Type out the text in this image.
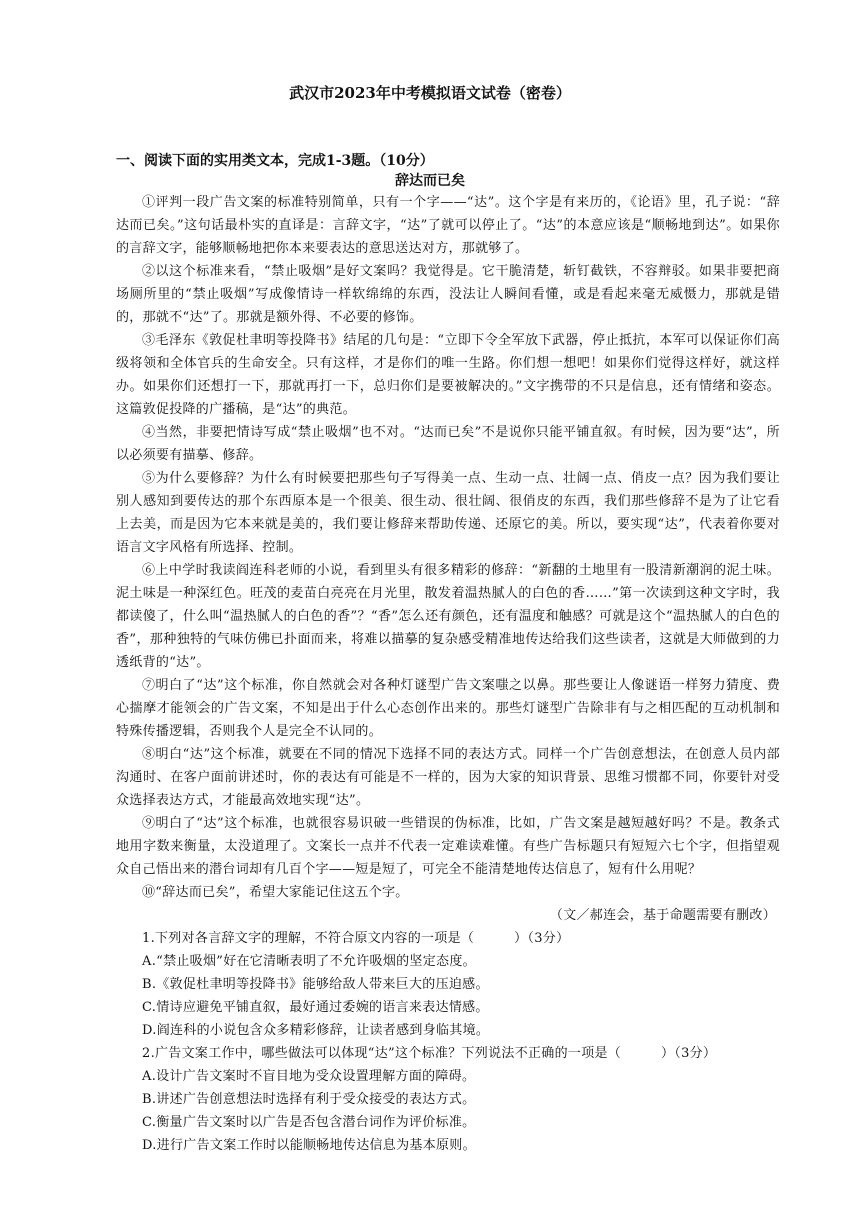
武汉市2023年中考模拟语文试卷（密卷）
一、阅读下面的实用类文本，完成1-3题。（10分）
辞达而已矣

①评判一段广告文案的标准特别简单，只有一个字——“达”。这个字是有来历的，《论语》里，孔子说：“辞达而已矣。”这句话最朴实的直译是：言辞文字，“达”了就可以停止了。“达”的本意应该是“顺畅地到达”。如果你的言辞文字，能够顺畅地把你本来要表达的意思送达对方，那就够了。

②以这个标准来看，“禁止吸烟”是好文案吗？我觉得是。它干脆清楚，斩钉截铁，不容辩驳。如果非要把商场厕所里的“禁止吸烟”写成像情诗一样软绵绵的东西，没法让人瞬间看懂，或是看起来毫无威慑力，那就是错的，那就不“达”了。那就是额外得、不必要的修饰。

③毛泽东《敦促杜聿明等投降书》结尾的几句是：“立即下令全军放下武器，停止抵抗，本军可以保证你们高级将领和全体官兵的生命安全。只有这样，才是你们的唯一生路。你们想一想吧！如果你们觉得这样好，就这样办。如果你们还想打一下，那就再打一下，总归你们是要被解决的。”文字携带的不只是信息，还有情绪和姿态。这篇敦促投降的广播稿，是“达”的典范。

④当然，非要把情诗写成“禁止吸烟”也不对。“达而已矣”不是说你只能平铺直叙。有时候，因为要“达”，所以必须要有描摹、修辞。

⑤为什么要修辞？为什么有时候要把那些句子写得美一点、生动一点、壮阔一点、俏皮一点？因为我们要让别人感知到要传达的那个东西原本是一个很美、很生动、很壮阔、很俏皮的东西，我们那些修辞不是为了让它看上去美，而是因为它本来就是美的，我们要让修辞来帮助传递、还原它的美。所以，要实现“达”，代表着你要对语言文字风格有所选择、控制。

⑥上中学时我读阎连科老师的小说，看到里头有很多精彩的修辞：“新翻的土地里有一股清新潮润的泥土味。泥土味是一种深红色。旺茂的麦苗白亮亮在月光里，散发着温热腻人的白色的香……”第一次读到这种文字时，我都读傻了，什么叫“温热腻人的白色的香”？“香”怎么还有颜色，还有温度和触感？可就是这个“温热腻人的白色的香”，那种独特的气味仿佛已扑面而来，将难以描摹的复杂感受精准地传达给我们这些读者，这就是大师做到的力透纸背的“达”。

⑦明白了“达”这个标准，你自然就会对各种灯谜型广告文案嗤之以鼻。那些要让人像谜语一样努力猜度、费心揣摩才能领会的广告文案，不知是出于什么心态创作出来的。那些灯谜型广告除非有与之相匹配的互动机制和特殊传播逻辑，否则我个人是完全不认同的。

⑧明白“达”这个标准，就要在不同的情况下选择不同的表达方式。同样一个广告创意想法，在创意人员内部沟通时、在客户面前讲述时，你的表达有可能是不一样的，因为大家的知识背景、思维习惯都不同，你要针对受众选择表达方式，才能最高效地实现“达”。

⑨明白了“达”这个标准，也就很容易识破一些错误的伪标准，比如，广告文案是越短越好吗？不是。教条式地用字数来衡量，太没道理了。文案长一点并不代表一定难读难懂。有些广告标题只有短短六七个字，但指望观众自己悟出来的潜台词却有几百个字——短是短了，可完全不能清楚地传达信息了，短有什么用呢？

⑩“辞达而已矣”，希望大家能记住这五个字。

（文／郝连会，基于命题需要有删改）

1.下列对各言辞文字的理解，不符合原文内容的一项是（　　　）（3分）

A.“禁止吸烟”好在它清晰表明了不允许吸烟的坚定态度。

B.《敦促杜聿明等投降书》能够给敌人带来巨大的压迫感。

C.情诗应避免平铺直叙，最好通过委婉的语言来表达情感。

D.阎连科的小说包含众多精彩修辞，让读者感到身临其境。

2.广告文案工作中，哪些做法可以体现“达”这个标准？下列说法不正确的一项是（　　　）（3分）

A.设计广告文案时不盲目地为受众设置理解方面的障碍。

B.讲述广告创意想法时选择有利于受众接受的表达方式。

C.衡量广告文案时以广告是否包含潜台词作为评价标准。

D.进行广告文案工作时以能顺畅地传达信息为基本原则。
